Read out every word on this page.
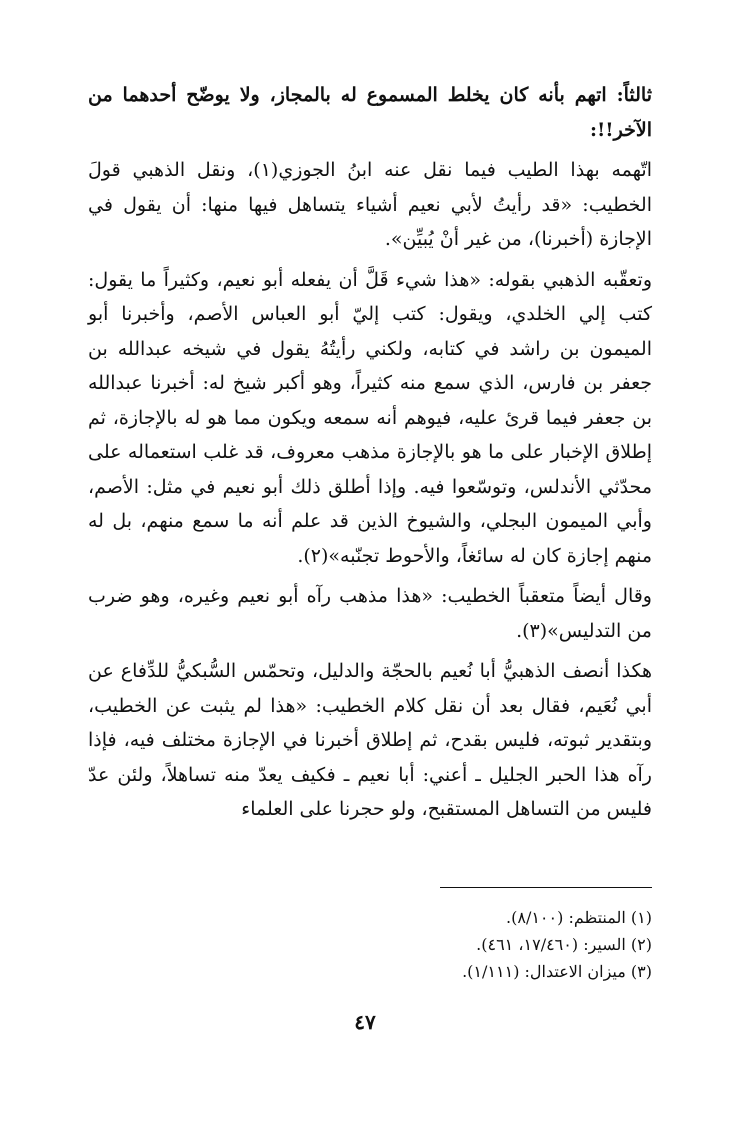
ثالثاً: اتهم بأنه كان يخلط المسموع له بالمجاز، ولا يوضّح أحدهما من الآخر!!:

اتّهمه بهذا الطيب فيما نقل عنه ابنُ الجوزي(١)، ونقل الذهبي قولَ الخطيب: «قد رأيتُ لأبي نعيم أشياء يتساهل فيها منها: أن يقول في الإجازة (أخبرنا)، من غير أنْ يُبيِّن».

وتعقّبه الذهبي بقوله: «هذا شيء قَلَّ أن يفعله أبو نعيم، وكثيراً ما يقول: كتب إلي الخلدي، ويقول: كتب إليّ أبو العباس الأصم، وأخبرنا أبو الميمون بن راشد في كتابه، ولكني رأيتُهُ يقول في شيخه عبدالله بن جعفر بن فارس، الذي سمع منه كثيراً، وهو أكبر شيخ له: أخبرنا عبدالله بن جعفر فيما قرئ عليه، فيوهم أنه سمعه ويكون مما هو له بالإجازة، ثم إطلاق الإخبار على ما هو بالإجازة مذهب معروف، قد غلب استعماله على محدّثي الأندلس، وتوسّعوا فيه. وإذا أطلق ذلك أبو نعيم في مثل: الأصم، وأبي الميمون البجلي، والشيوخ الذين قد علم أنه ما سمع منهم، بل له منهم إجازة كان له سائغاً، والأحوط تجنّبه»(٢).

وقال أيضاً متعقباً الخطيب: «هذا مذهب رآه أبو نعيم وغيره، وهو ضرب من التدليس»(٣).

هكذا أنصف الذهبيُّ أبا نُعيم بالحجّة والدليل، وتحمّس السُّبكيُّ للدِّفاع عن أبي نُعَيم، فقال بعد أن نقل كلام الخطيب: «هذا لم يثبت عن الخطيب، وبتقدير ثبوته، فليس بقدح، ثم إطلاق أخبرنا في الإجازة مختلف فيه، فإذا رآه هذا الحبر الجليل ـ أعني: أبا نعيم ـ فكيف يعدّ منه تساهلاً، ولئن عدّ فليس من التساهل المستقبح، ولو حجرنا على العلماء

(١) المنتظم: (٨/١٠٠).

(٢) السير: (١٧/٤٦٠، ٤٦١).

(٣) ميزان الاعتدال: (١/١١١).

٤٧
